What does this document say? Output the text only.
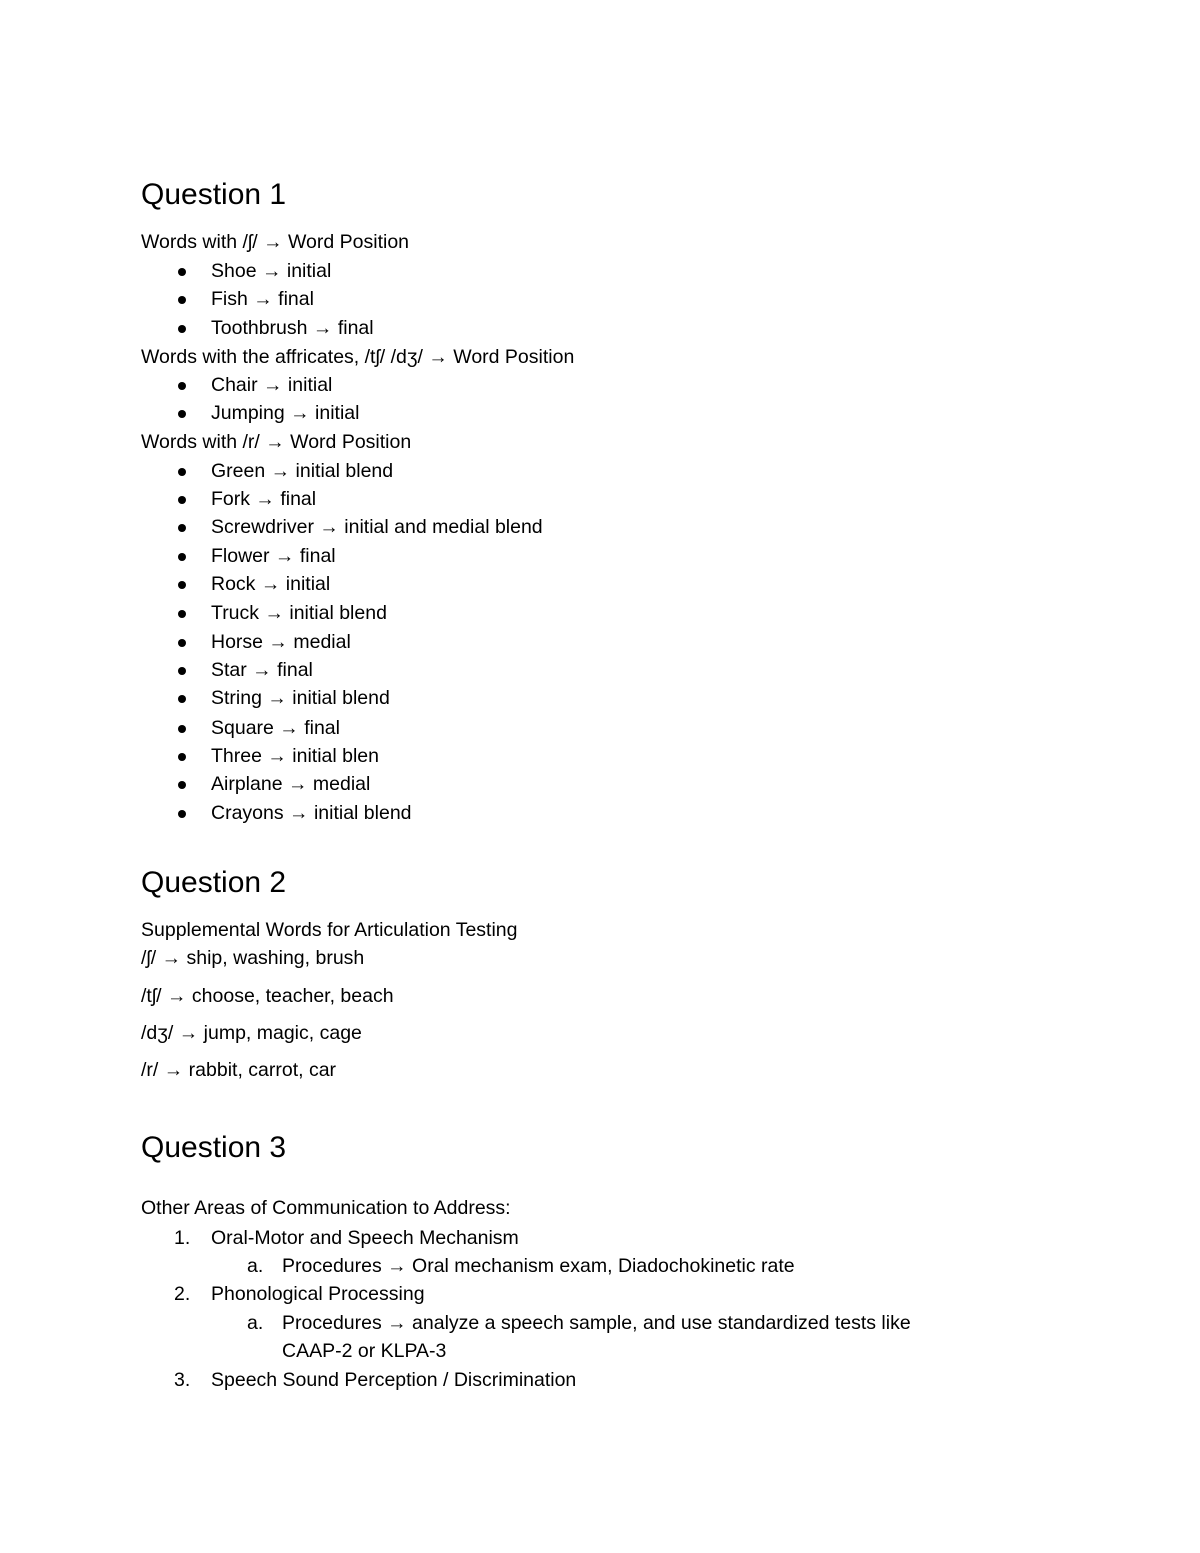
Question 1
Words with /ʃ/ → Word Position
Shoe → initial
Fish → final
Toothbrush → final
Words with the affricates, /tʃ/ /dʒ/ → Word Position
Chair → initial
Jumping → initial
Words with /r/ → Word Position
Green → initial blend
Fork → final
Screwdriver → initial and medial blend
Flower → final
Rock → initial
Truck → initial blend
Horse → medial
Star → final
String → initial blend
Square → final
Three → initial blen
Airplane → medial
Crayons → initial blend
Question 2
Supplemental Words for Articulation Testing
/ʃ/ → ship, washing, brush
/tʃ/ → choose, teacher, beach
/dʒ/ → jump, magic, cage
/r/ → rabbit, carrot, car
Question 3
Other Areas of Communication to Address:
1. Oral-Motor and Speech Mechanism
a. Procedures → Oral mechanism exam, Diadochokinetic rate
2. Phonological Processing
a. Procedures → analyze a speech sample, and use standardized tests like
CAAP-2 or KLPA-3
3. Speech Sound Perception / Discrimination
